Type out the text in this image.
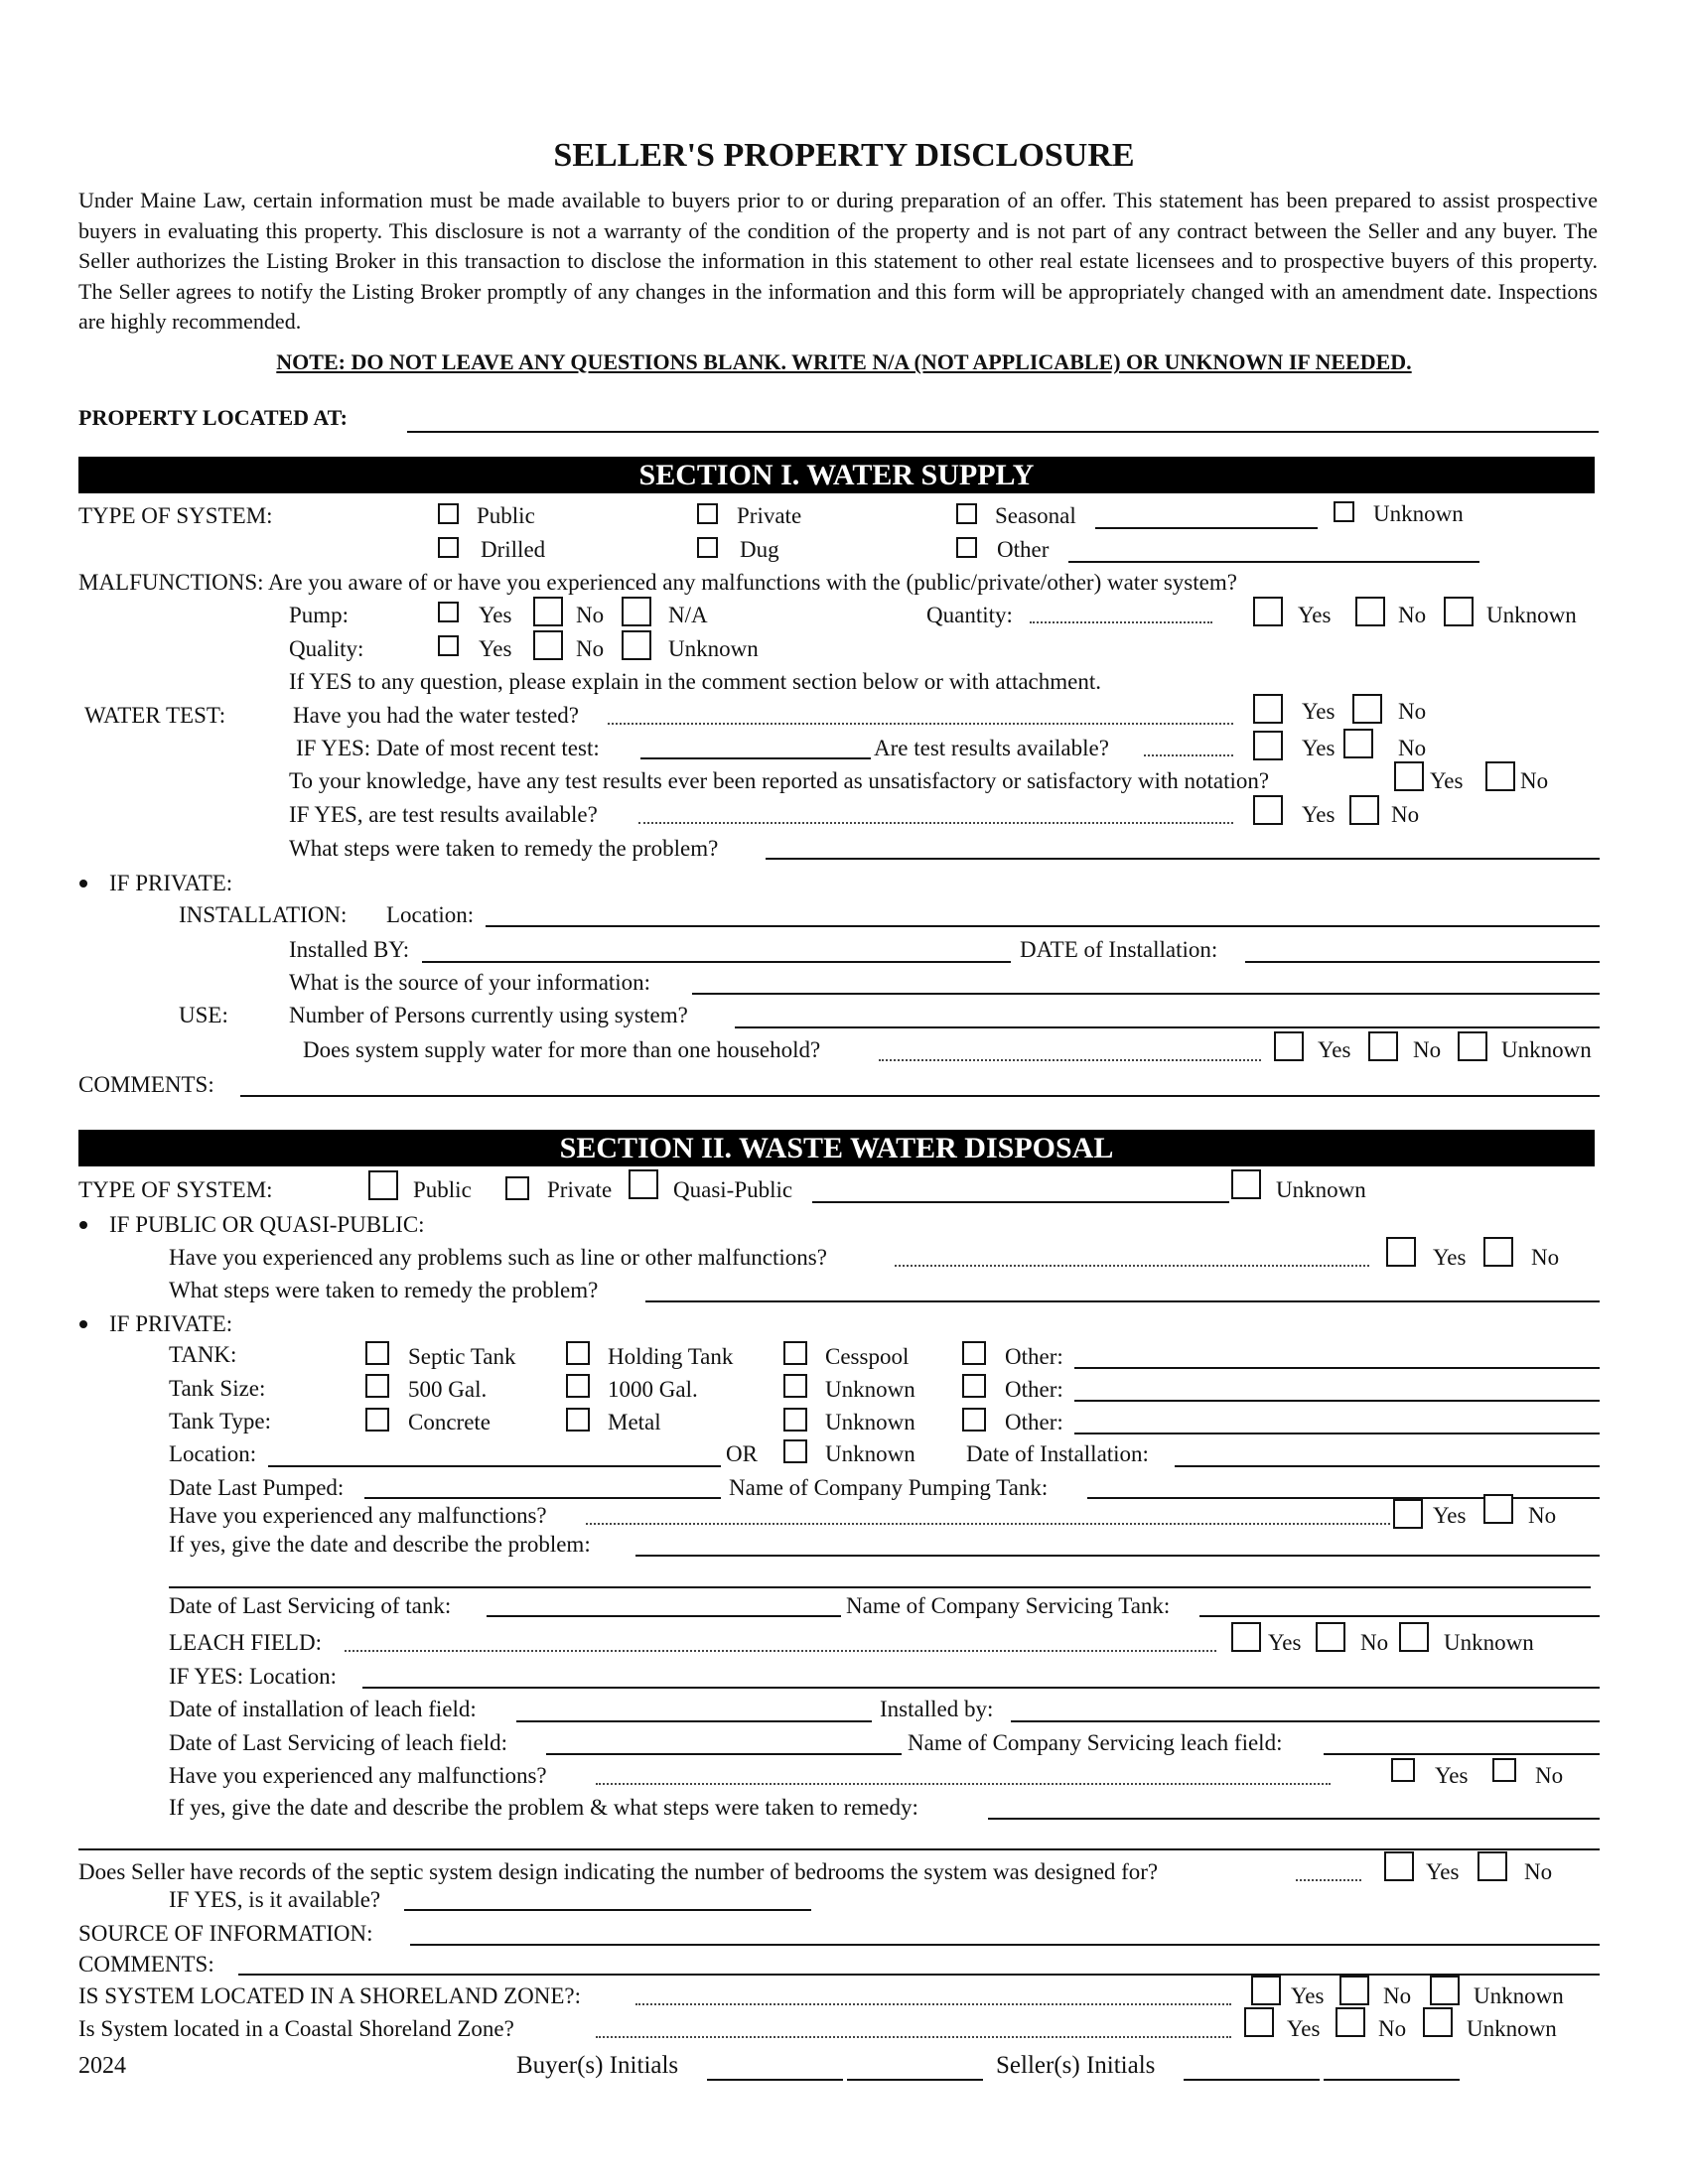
SELLER'S PROPERTY DISCLOSURE
Under Maine Law, certain information must be made available to buyers prior to or during preparation of an offer. This statement has been prepared to assist prospective buyers in evaluating this property. This disclosure is not a warranty of the condition of the property and is not part of any contract between the Seller and any buyer. The Seller authorizes the Listing Broker in this transaction to disclose the information in this statement to other real estate licensees and to prospective buyers of this property. The Seller agrees to notify the Listing Broker promptly of any changes in the information and this form will be appropriately changed with an amendment date. Inspections are highly recommended.
NOTE: DO NOT LEAVE ANY QUESTIONS BLANK. WRITE N/A (NOT APPLICABLE) OR UNKNOWN IF NEEDED.
PROPERTY LOCATED AT:
SECTION I. WATER SUPPLY
TYPE OF SYSTEM:	Public	Private	Seasonal	Unknown
Drilled	Dug	Other
MALFUNCTIONS: Are you aware of or have you experienced any malfunctions with the (public/private/other) water system?
Pump:	Yes	No	N/A	Quantity:	Yes	No	Unknown
Quality:	Yes	No	Unknown
If YES to any question, please explain in the comment section below or with attachment.
WATER TEST:	Have you had the water tested?	Yes	No
IF YES: Date of most recent test:	Are test results available?	Yes	No
To your knowledge, have any test results ever been reported as unsatisfactory or satisfactory with notation?	Yes	No
IF YES, are test results available?	Yes No
What steps were taken to remedy the problem?
IF PRIVATE:
INSTALLATION: Location:
Installed BY:	DATE of Installation:
What is the source of your information:
USE:	Number of Persons currently using system?
Does system supply water for more than one household?	Yes	No	Unknown
COMMENTS:
SECTION II. WASTE WATER DISPOSAL
TYPE OF SYSTEM:	Public	Private	Quasi-Public	Unknown
IF PUBLIC OR QUASI-PUBLIC:
Have you experienced any problems such as line or other malfunctions?	Yes	No
What steps were taken to remedy the problem?
IF PRIVATE:
TANK:	Septic Tank	Holding Tank	Cesspool	Other:
Tank Size:	500 Gal.	1000 Gal.	Unknown	Other:
Tank Type:	Concrete	Metal	Unknown	Other:
Location:	OR	Unknown Date of Installation:
Date Last Pumped:	Name of Company Pumping Tank:
Have you experienced any malfunctions?	Yes	No
If yes, give the date and describe the problem:
Date of Last Servicing of tank:	Name of Company Servicing Tank:
LEACH FIELD:	Yes	No Unknown
IF YES: Location:
Date of installation of leach field:	Installed by:
Date of Last Servicing of leach field:	Name of Company Servicing leach field:
Have you experienced any malfunctions?	Yes	No
If yes, give the date and describe the problem & what steps were taken to remedy:
Does Seller have records of the septic system design indicating the number of bedrooms the system was designed for?	Yes	No
IF YES, is it available?
SOURCE OF INFORMATION:
COMMENTS:
IS SYSTEM LOCATED IN A SHORELAND ZONE?:	Yes	No	Unknown
Is System located in a Coastal Shoreland Zone?	Yes	No	Unknown
2024	Buyer(s) Initials	Seller(s) Initials
